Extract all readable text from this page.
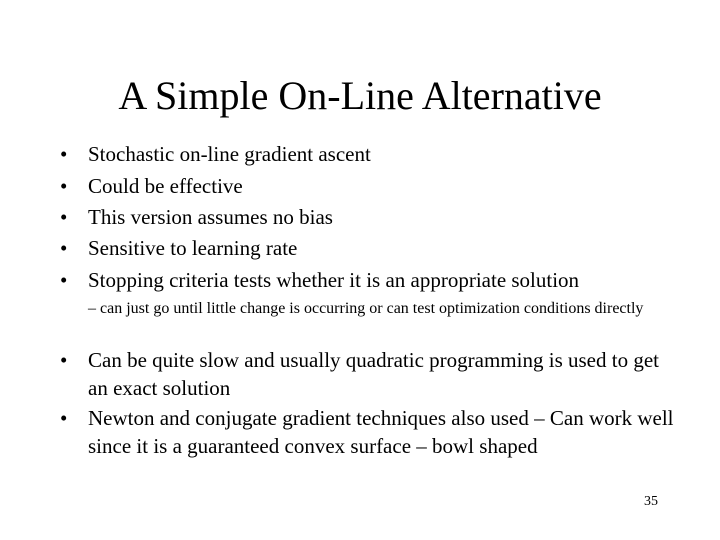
A Simple On-Line Alternative
• Stochastic on-line gradient ascent
• Could be effective
• This version assumes no bias
• Sensitive to learning rate
• Stopping criteria tests whether it is an appropriate solution
– can just go until little change is occurring or can test optimization conditions directly
• Can be quite slow and usually quadratic programming is used to get an exact solution
• Newton and conjugate gradient techniques also used – Can work well since it is a guaranteed convex surface – bowl shaped
35
